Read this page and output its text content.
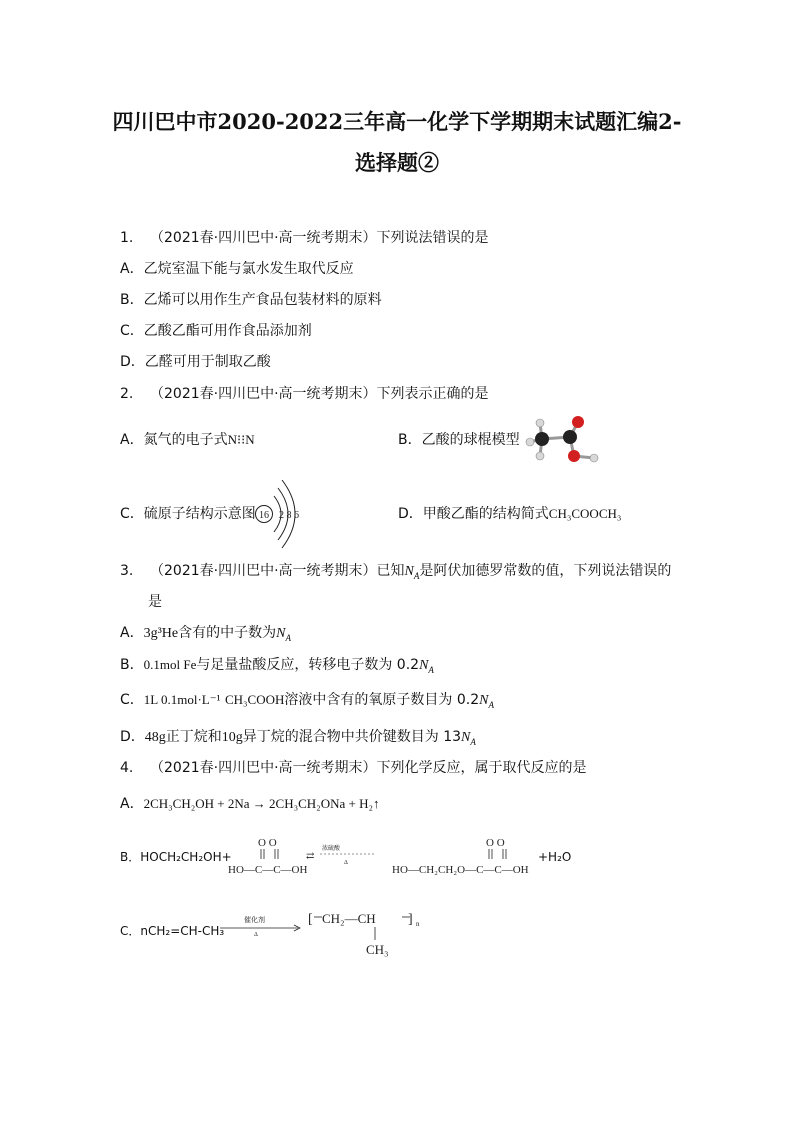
四川巴中市2020-2022三年高一化学下学期期末试题汇编2-
选择题②
1. （2021春·四川巴中·高一统考期末）下列说法错误的是
A．乙烷室温下能与氯水发生取代反应
B．乙烯可以用作生产食品包装材料的原料
C．乙酸乙酯可用作食品添加剂
D．乙醛可用于制取乙酸
2. （2021春·四川巴中·高一统考期末）下列表示正确的是
A．氮气的电子式N⁝⁝N	B．乙酸的球棍模型
C．硫原子结构示意图 16 2 8 6	D．甲酸乙酯的结构简式CH₃COOCH₃
3. （2021春·四川巴中·高一统考期末）已知$N_A$是阿伏加德罗常数的值，下列说法错误的
是
A．3g³He含有的中子数为$N_A$
B．0.1mol Fe与足量盐酸反应，转移电子数为 $0.2N_A$
C．1L 0.1mol·L⁻¹ CH₃COOH溶液中含有的氧原子数目为 $0.2N_A$
D．48g正丁烷和10g异丁烷的混合物中共价键数目为 $13N_A$
4. （2021春·四川巴中·高一统考期末）下列化学反应，属于取代反应的是
A．2CH₃CH₂OH + 2Na → 2CH₃CH₂ONa + H₂↑
B．HOCH₂CH₂OH+
O O
HO—C—C—OH
⇄
浓硫酸
Δ
O O
HO—CH₂CH₂O—C—C—OH
+H₂O
C．nCH₂=CH-CH₃
催化剂
Δ
[ CH₂—CH ] n
CH₃
